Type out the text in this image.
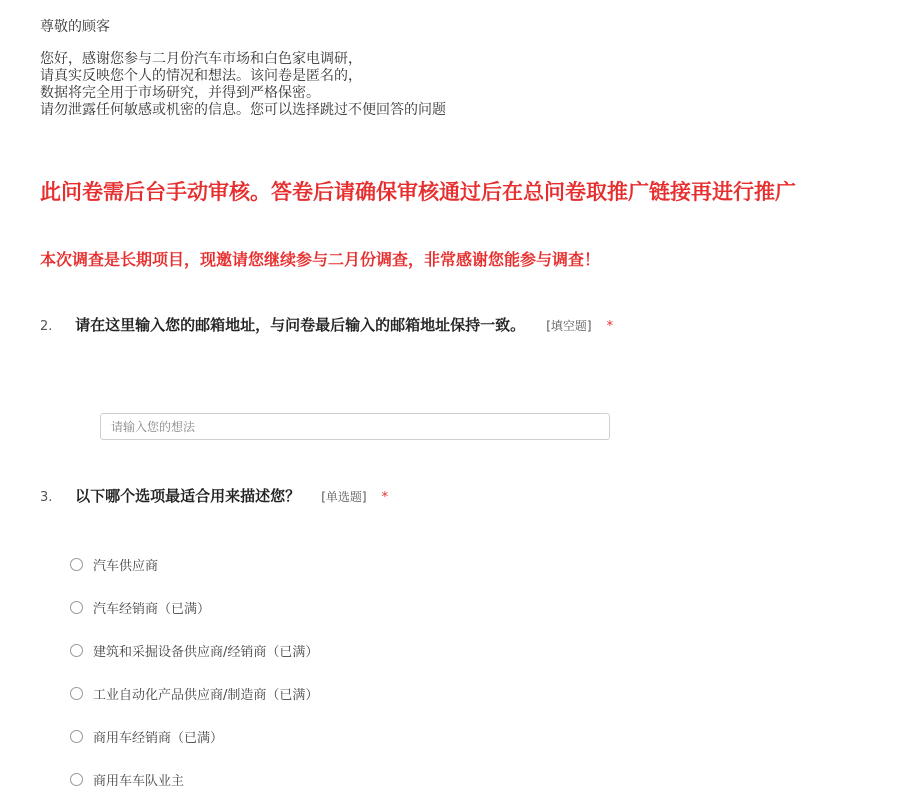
尊敬的顾客
您好，感谢您参与二月份汽车市场和白色家电调研，
请真实反映您个人的情况和想法。该问卷是匿名的，
数据将完全用于市场研究，并得到严格保密。
请勿泄露任何敏感或机密的信息。您可以选择跳过不便回答的问题
此问卷需后台手动审核。答卷后请确保审核通过后在总问卷取推广链接再进行推广
本次调查是长期项目，现邀请您继续参与二月份调查，非常感谢您能参与调查！
2. 请在这里输入您的邮箱地址，与问卷最后输入的邮箱地址保持一致。 [填空题] *
请输入您的想法
3. 以下哪个选项最适合用来描述您？ [单选题] *
汽车供应商
汽车经销商（已满）
建筑和采掘设备供应商/经销商（已满）
工业自动化产品供应商/制造商（已满）
商用车经销商（已满）
商用车车队业主
